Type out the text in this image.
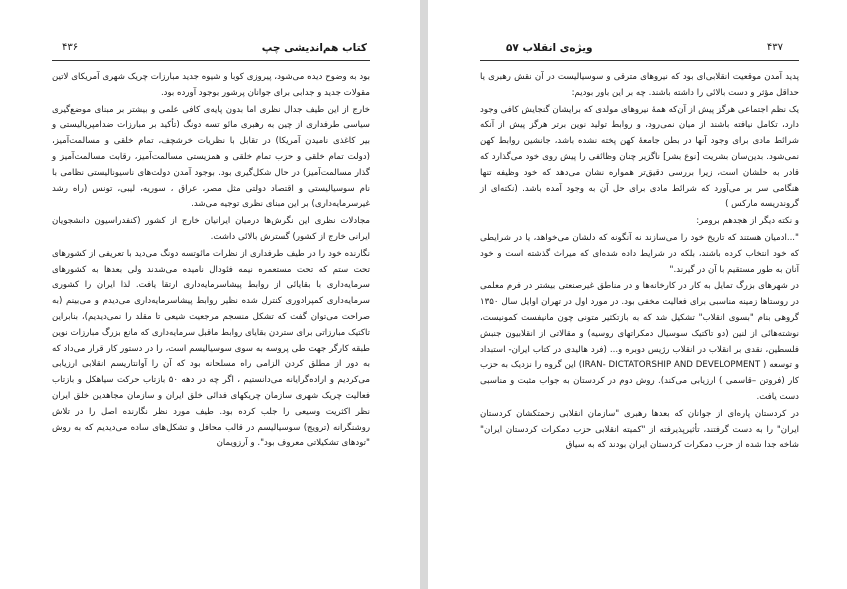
کتاب هم‌اندیشی چپ
۴۳۶

بود به وضوح دیده می‌شود، پیروزی کوبا و شیوه جدید مبارزات چریک شهری آمریکای لاتین مقولات جدید و جدابی برای جوانان پرشور بوجود آورده بود.

خارج از این طیف جدال نظری اما بدون پایه‌ی کافی علمی و بیشتر بر مبنای موضع‌گیری سیاسی طرفداری از چین به رهبری مائو تسه دونگ (تأکید بر مبارزات ضدامپریالیستی و بیر کاغذی نامیدن آمریکا) در تقابل با نظریات خرشچف، تمام خلقی و مسالمت‌آمیز، (دولت تمام خلقی و حزب تمام خلقی و همزیستی مسالمت‌آمیز، رقابت مسالمت‌آمیز و گذار مسالمت‌آمیز) در حال شکل‌گیری بود. بوجود آمدن دولت‌های ناسیونالیستی نظامی با نام سوسیالیستی و اقتصاد دولتی مثل مصر، عراق ، سوریه، لیبی، تونس (راه رشد غیرسرمایه‌داری) بر این مبنای نظری توجیه می‌شد.

مجادلات نظری این نگرش‌ها درمیان ایرانیان خارج از کشور (کنفدراسیون دانشجویان ایرانی خارج از کشور) گسترش بالائی داشت.

نگارنده خود را در طیف طرفداری از نظرات مائوتسه دونگ می‌دید با تعریفی از کشورهای تحت ستم که تحت مستعمره نیمه فئودال نامیده می‌شدند ولی بعدها به کشورهای سرمایه‌داری با بقایائی از روابط پیشاسرمایه‌داری ارتقا یافت. لذا ایران را کشوری سرمایه‌داری کمپرادوری کنترل شده نظیر روابط پیشاسرمایه‌داری می‌دیدم و می‌بینم (به صراحت می‌توان گفت که تشکل منسجم مرجعیت شیعی تا مقلد را نمی‌دیدیم)، بنابراین تاکتیک مبارزاتی برای ستردن بقایای روابط ماقبل سرمایه‌داری که مانع بزرگ مبارزات نوین طبقه کارگر جهت طی پروسه به سوی سوسیالیسم است، را در دستور کار قرار می‌داد که به دور از مطلق کردن الزامی راه مسلحانه بود که آن را آوانتاریسم انقلابی ارزیابی می‌کردیم و اراده‌گرایانه می‌دانستیم ، اگر چه در دهه ۵۰ بازتاب حرکت سیاهکل و بازتاب فعالیت چریک شهری سازمان چریکهای فدائی خلق ایران و سازمان مجاهدین خلق ایران نظر اکثریت وسیعی را جلب کرده بود. طیف مورد نظر نگارنده اصل را در تلاش روشنگرانه (ترویج) سوسیالیسم در قالب محافل و تشکل‌های ساده می‌دیدیم که به روش "تودهای تشکیلاتی معروف بود". و آرزویمان

ویژه‌ی انقلاب ۵۷	۴۳۷

پدید آمدن موقعیت انقلابی‌ای بود که نیروهای مترقی و سوسیالیست در آن نقش رهبری یا حداقل مؤثر و دست بالائی را داشته باشند. چه بر این باور بودیم:

یک نظم اجتماعی هرگز پیش از آن‌که همهٔ نیروهای مولدی که برایشان گنجایش کافی وجود دارد، تکامل نیافته باشند از میان نمی‌رود، و روابط تولید نوین برتر هرگز پیش از آنکه شرائط مادی برای وجود آنها در بطن جامعهٔ کهن پخته نشده باشد، جانشین روابط کهن نمی‌شود. بدین‌سان بشریت [نوع بشر] ناگزیر چنان وظائفی را پیش روی خود می‌گذارد که قادر به حلشان است، زیرا بررسی دقیق‌تر همواره نشان می‌دهد که خود وظیفه تنها هنگامی سر بر می‌آورد که شرائط مادی برای حل آن به وجود آمده باشد. (نکته‌ای از گروندریسه مارکس )

و نکته دیگر از هجدهم برومر:

"...ادمیان هستند که تاریخ خود را می‌سازند نه آنگونه که دلشان می‌خواهد، یا در شرایطی که خود انتخاب کرده باشند، بلکه در شرایط داده شده‌ای که میراث گذشته است و خود آنان به طور مستقیم با آن در گیرند."

در شهرهای بزرگ تمایل به کار در کارخانه‌ها و در مناطق غیرصنعتی بیشتر در فرم معلمی در روستاها زمینه مناسبی برای فعالیت مخفی بود. در مورد اول در تهران اوایل سال ۱۳۵۰ گروهی بنام "بسوی انقلاب" تشکیل شد که به بازتکثیر متونی چون مانیفست کمونیست، نوشته‌هائی از لنین (دو تاکتیک سوسیال دمکراتهای روسیه) و مقالاتی از انقلابیون جنبش فلسطین، نقدی بر انقلاب در انقلاب رژیس دوبره و... (فرد هالیدی در کتاب ایران- استبداد و توسعه ( IRAN- DICTATORSHIP AND DEVELOPMENT) این گروه را نزدیک به حزب کار (فروتن –قاسمی ) ارزیابی می‌کند). روش دوم در کردستان به جواب مثبت و مناسبی دست یافت.

در کردستان پاره‌ای از جوانان که بعدها رهبری "سازمان انقلابی زحمتکشان کردستان ایران" را به دست گرفتند، تأثیرپذیرفته از "کمیته انقلابی حزب دمکرات کردستان ایران" شاخه جدا شده از حزب دمکرات کردستان ایران بودند که به سیاق
